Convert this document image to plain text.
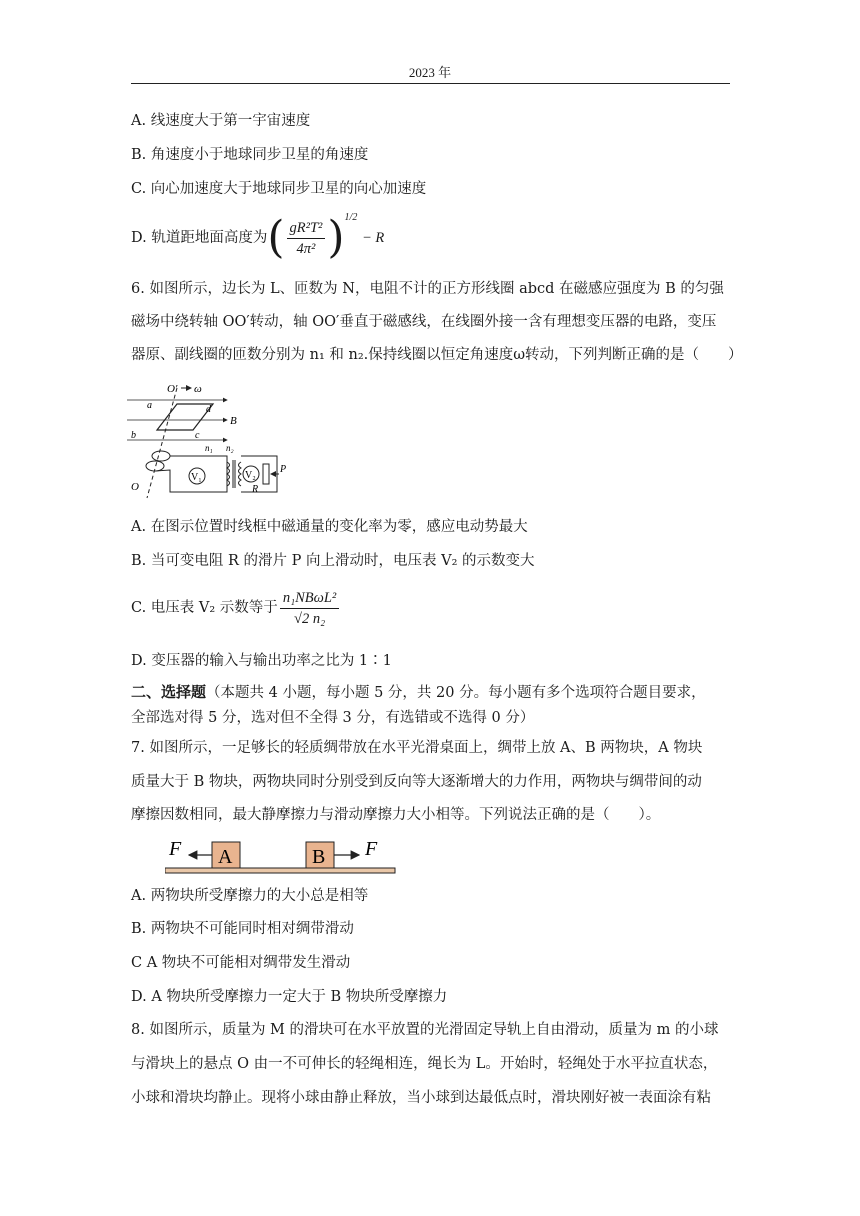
2023 年
A. 线速度大于第一宇宙速度
B. 角速度小于地球同步卫星的角速度
C. 向心加速度大于地球同步卫星的向心加速度
D. 轨道距地面高度为( $\frac{\text{gR²T²}}{\text{4π²}} )^{1/2} - R$
6. 如图所示，边长为 L、匝数为 N，电阻不计的正方形线圈 abcd 在磁感应强度为 B 的匀强
磁场中绕转轴 OO′转动，轴 OO′垂直于磁感线，在线圈外接一含有理想变压器的电路，变压
器原、副线圈的匝数分别为 n₁ 和 n₂.保持线圈以恒定角速度ω转动，下列判断正确的是（　　）
O′ ω
B
a	d
b	c
V₁
n₁ n₂
V₂
R
P
O
A. 在图示位置时线框中磁通量的变化率为零，感应电动势最大
B. 当可变电阻 R 的滑片 P 向上滑动时，电压表 V₂ 的示数变大
C. 电压表 V₂ 示数等于 $\frac{\text{n₁NBωL²}}{\text{√2 n₂}}$
D. 变压器的输入与输出功率之比为 1∶1
二、选择题（本题共 4 小题，每小题 5 分，共 20 分。每小题有多个选项符合题目要求，
全部选对得 5 分，选对但不全得 3 分，有选错或不选得 0 分）
7. 如图所示，一足够长的轻质绸带放在水平光滑桌面上，绸带上放 A、B 两物块，A 物块
质量大于 B 物块，两物块同时分别受到反向等大逐渐增大的力作用，两物块与绸带间的动
摩擦因数相同，最大静摩擦力与滑动摩擦力大小相等。下列说法正确的是（　　）。
A
F	B F
A. 两物块所受摩擦力的大小总是相等
B. 两物块不可能同时相对绸带滑动
C A 物块不可能相对绸带发生滑动
D. A 物块所受摩擦力一定大于 B 物块所受摩擦力
8. 如图所示，质量为 M 的滑块可在水平放置的光滑固定导轨上自由滑动，质量为 m 的小球
与滑块上的悬点 O 由一不可伸长的轻绳相连，绳长为 L。开始时，轻绳处于水平拉直状态，
小球和滑块均静止。现将小球由静止释放，当小球到达最低点时，滑块刚好被一表面涂有粘
